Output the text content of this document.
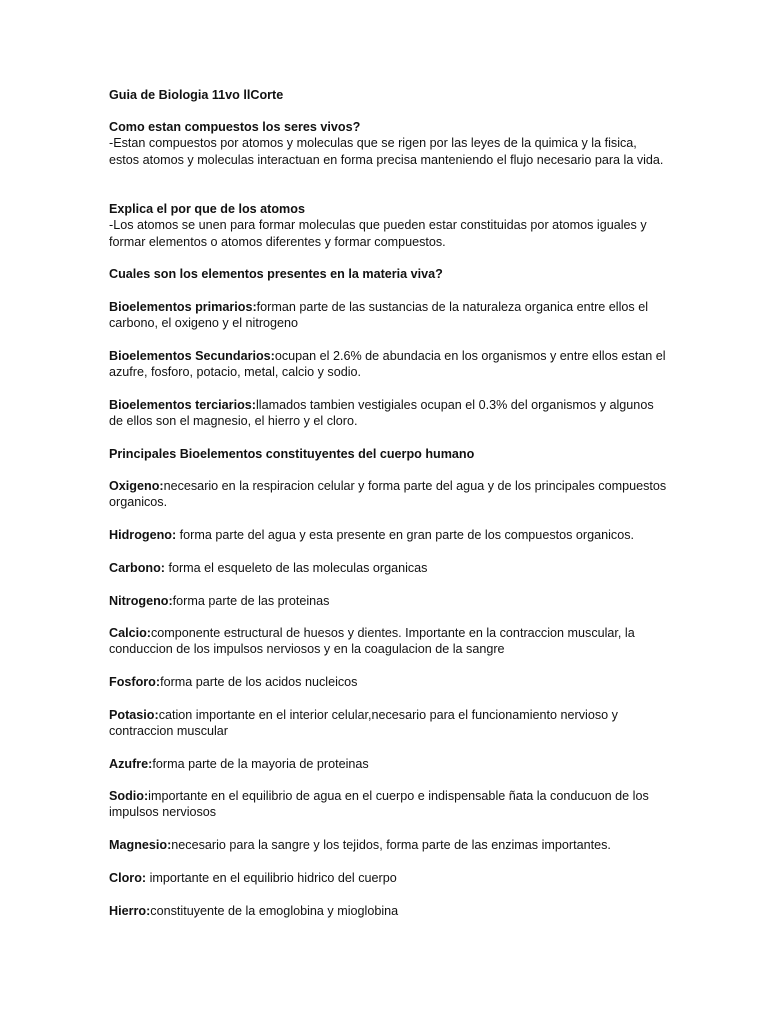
Guia de Biologia 11vo llCorte

Como estan compuestos los seres vivos?

-Estan compuestos por atomos y moleculas que se rigen por las leyes de la quimica y la fisica, estos atomos y moleculas interactuan en forma precisa manteniendo el flujo necesario para la vida.

Explica el por que de los atomos

-Los atomos se unen para formar moleculas que pueden estar constituidas por atomos iguales y formar elementos o atomos diferentes y formar compuestos.

Cuales son los elementos presentes en la materia viva?

Bioelementos primarios:forman parte de las sustancias de la naturaleza organica entre ellos el carbono, el oxigeno y el nitrogeno

Bioelementos Secundarios:ocupan el 2.6% de abundacia en los organismos y entre ellos estan el azufre, fosforo, potacio, metal, calcio y sodio.

Bioelementos terciarios:llamados tambien vestigiales ocupan el 0.3% del organismos y algunos de ellos son el magnesio, el hierro y el cloro.

Principales Bioelementos constituyentes del cuerpo humano

Oxigeno:necesario en la respiracion celular y forma parte del agua y de los principales compuestos organicos.

Hidrogeno: forma parte del agua y esta presente en gran parte de los compuestos organicos.

Carbono: forma el esqueleto de las moleculas organicas

Nitrogeno:forma parte de las proteinas

Calcio:componente estructural de huesos y dientes. Importante en la contraccion muscular, la conduccion de los impulsos nerviosos y en la coagulacion de la sangre

Fosforo:forma parte de los acidos nucleicos

Potasio:cation importante en el interior celular,necesario para el funcionamiento nervioso y contraccion muscular

Azufre:forma parte de la mayoria de proteinas

Sodio:importante en el equilibrio de agua en el cuerpo e indispensable ñata la conducuon de los impulsos nerviosos

Magnesio:necesario para la sangre y los tejidos, forma parte de las enzimas importantes.

Cloro: importante en el equilibrio hidrico del cuerpo

Hierro:constituyente de la emoglobina y mioglobina
